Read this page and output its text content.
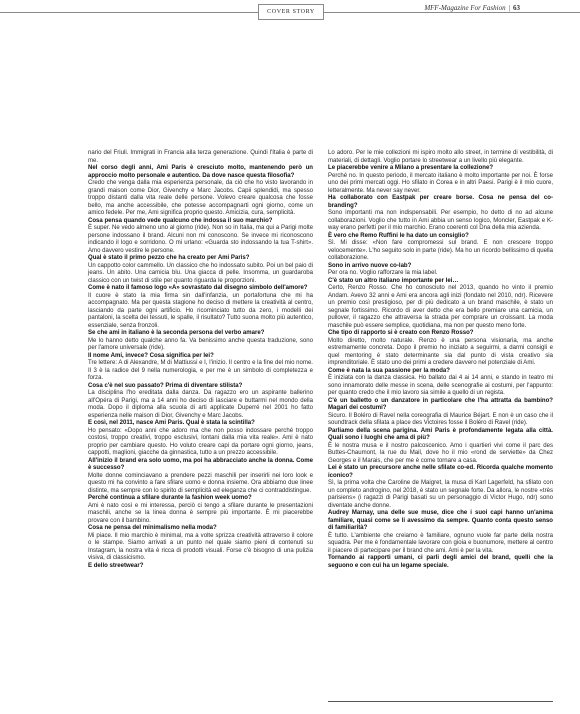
COVER STORY	MFF-Magazine For Fashion | 63

nario del Friuli. Immigrati in Francia alla terza generazione. Quindi l'Italia è parte di me.

Nel corso degli anni, Ami Paris è cresciuto molto, mantenendo però un approccio molto personale e autentico. Da dove nasce questa filosofia?

Credo che venga dalla mia esperienza personale, da ciò che ho visto lavorando in grandi maison come Dior, Givenchy e Marc Jacobs. Capii splendidi, ma spesso troppo distanti dalla vita reale delle persone. Volevo creare qualcosa che fosse bello, ma anche accessibile, che potesse accompagnarti ogni giorno, come un amico fedele. Per me, Ami significa proprio questo. Amicizia, cura, semplicità.

Cosa pensa quando vede qualcuno che indossa il suo marchio?

È super. Ne vedo almeno uno al giorno (ride). Non so in Italia, ma qui a Parigi molte persone indossano il brand. Alcuni non mi conoscono. Se invece mi riconoscono indicando il logo e sorridono. O mi urlano: «Guarda sto indossando la tua T-shirt». Amo davvero vestire le persone.

Qual è stato il primo pezzo che ha creato per Ami Paris?

Un cappotto color cammello. Un classico che ho indossato subito. Poi un bel paio di jeans. Un abito. Una camicia blu. Una giacca di pelle. Insomma, un guardaroba classico con un twist di stile per quanto riguarda le proporzioni.

Come è nato il famoso logo «A» sovrastato dal disegno simbolo dell'amore?

Il cuore è stato la mia firma sin dall'infanzia, un portafortuna che mi ha accompagnato. Ma per questa stagione ho deciso di mettere la creatività al centro, lasciando da parte ogni artificio. Ho ricominciato tutto da zero, i modelli dei pantaloni, la scelta dei tessuti, le spalle, il risultato? Tutto suona molto più autentico, essenziale, senza fronzoli.

Se che ami in italiano è la seconda persona del verbo amare?

Me lo hanno detto qualche anno fa. Va benissimo anche questa traduzione, sono per l'amore universale (ride).

Il nome Ami, invece? Cosa significa per lei?

Tre lettere: A di Alexandre, M di Mattiussi e I, l'inizio. Il centro e la fine del mio nome. Il 3 è la radice del 9 nella numerologia, e per me è un simbolo di completezza e forza.

Cosa c'è nel suo passato? Prima di diventare stilista?

La disciplina l'ho ereditata dalla danza. Da ragazzo ero un aspirante ballerino all'Opéra di Parigi, ma a 14 anni ho deciso di lasciare e buttarmi nel mondo della moda. Dopo il diploma alla scuola di arti applicate Duperré nel 2001 ho fatto esperienza nelle maison di Dior, Givenchy e Marc Jacobs.

E così, nel 2011, nasce Ami Paris. Qual è stata la scintilla?

Ho pensato: «Dopo anni che adoro ma che non posso indossare perché troppo costosi, troppo creativi, troppo esclusivi, lontani dalla mia vita reale». Ami è nato proprio per cambiare questo. Ho voluto creare capi da portare ogni giorno, jeans, cappotti, maglioni, giacche da ginnastica, tutto a un prezzo accessibile.

All'inizio il brand era solo uomo, ma poi ha abbracciato anche la donna. Come è successo?

Molte donne cominciavano a prendere pezzi maschili per inserirli nei loro look e questo mi ha convinto a fare sfilare uomo e donna insieme. Ora abbiamo due linee distinte, ma sempre con lo spirito di semplicità ed eleganza che ci contraddistingue.

Perché continua a sfilare durante la fashion week uomo?

Ami è nato così e mi interessa, perciò ci tengo a sfilare durante le presentazioni maschili, anche se la linea donna è sempre più importante. È mi piacerebbe provare con il bambino.

Cosa ne pensa del minimalismo nella moda?

Mi piace. Il mio marchio è minimal, ma a volte sprizza creatività attraverso il colore o le stampe. Siamo arrivati a un punto nel quale siamo pieni di contenuti su Instagram, la nostra vita è ricca di prodotti visuali. Forse c'è bisogno di una pulizia visiva, di classicismo.

E dello streetwear?

Lo adoro. Per le mie collezioni mi ispiro molto allo street, in termine di vestibilità, di materiali, di dettagli. Voglio portare lo streetwear a un livello più elegante.

Le piacerebbe venire a Milano a presentare la collezione?

Perché no. In questo periodo, il mercato italiano è molto importante per noi. È forse uno dei primi mercati oggi. Ho sfilato in Corea e in altri Paesi. Parigi è il mio cuore, letteralmente. Ma never say never.

Ha collaborato con Eastpak per creare borse. Cosa ne pensa del co-branding?

Sono importanti ma non indispensabili. Per esempio, ho detto di no ad alcune collaborazioni. Voglio che tutto in Ami abbia un senso logico, Moncler, Eastpak e K-way erano perfetti per il mio marchio. Erano coerenti col Dna della mia azienda.

È vero che Remo Ruffini le ha dato un consiglio?

Sì. Mi disse: «Non fare compromessi sul brand. E non crescere troppo velocemente». L'ho seguito solo in parte (ride). Ma ho un ricordo bellissimo di quella collaborazione.

Sono in arrivo nuove co-lab?

Per ora no. Voglio rafforzare la mia label.

C'è stato un altro italiano importante per lei…

Certo, Renzo Rosso. Che ho conosciuto nel 2013, quando ho vinto il premio Andam. Avevo 32 anni e Ami era ancora agli inizi (fondato nel 2010, ndr). Ricevere un premio così prestigioso, per di più dedicato a un brand maschile, è stato un segnale fortissimo. Ricordo di aver detto che era bello premiare una camicia, un pullover, il ragazzo che attraversa la strada per comprare un croissant. La moda maschile può essere semplice, quotidiana, ma non per questo meno forte.

Che tipo di rapporto si è creato con Renzo Rosso?

Molto diretto, molto naturale. Renzo è una persona visionaria, ma anche estremamente concreta. Dopo il premio ho iniziato a seguirmi, a darmi consigli e quel mentoring è stato determinante sia dal punto di vista creativo sia imprenditoriale. È stato uno dei primi a credere davvero nel potenziale di Ami.

Come è nata la sua passione per la moda?

È iniziata con la danza classica. Ho ballato dai 4 ai 14 anni, e stando in teatro mi sono innamorato delle messe in scena, delle scenografie ai costumi, per l'appunto: per quanto credo che il mio lavoro sia simile a quello di un regista.

C'è un balletto o un danzatore in particolare che l'ha attratta da bambino? Magari dei costumi?

Sicuro. Il Boléro di Ravel nella coreografia di Maurice Béjart. E non è un caso che il soundtrack della sfilata a place des Victoires fosse il Boléro di Ravel (ride).

Parliamo della scena parigina. Ami Paris è profondamente legata alla città. Quali sono i luoghi che ama di più?

È le nostra musa e il nostro palcoscenico. Amo i quartieri vivi come il parc des Buttes-Chaumont, la rue du Mail, dove ho il mio «rond de serviette» da Chez Georges e il Marais, che per me è come tornare a casa.

Lei è stato un precursore anche nelle sfilate co-ed. Ricorda qualche momento iconico?

Sì, la prima volta che Caroline de Maigret, la musa di Karl Lagerfeld, ha sfilato con un completo androgino, nel 2018, è stato un segnale forte. Da allora, le nostre «très parisiens» (i ragazzi di Parigi basati su un personaggio di Victor Hugo, ndr) sono diventate anche donne.

Audrey Marnay, una delle sue muse, dice che i suoi capi hanno un'anima familiare, quasi come se li avessimo da sempre. Quanto conta questo senso di familiarità?

È tutto. L'ambiente che creiamo è familiare, ognuno vuole far parte della nostra squadra. Per me è fondamentale lavorare con gioia e buonumore, mettere al centro il piacere di partecipare per il brand che ami. Ami è per la vita.

Tornando ai rapporti umani, ci parli degli amici del brand, quelli che la seguono e con cui ha un legame speciale.
